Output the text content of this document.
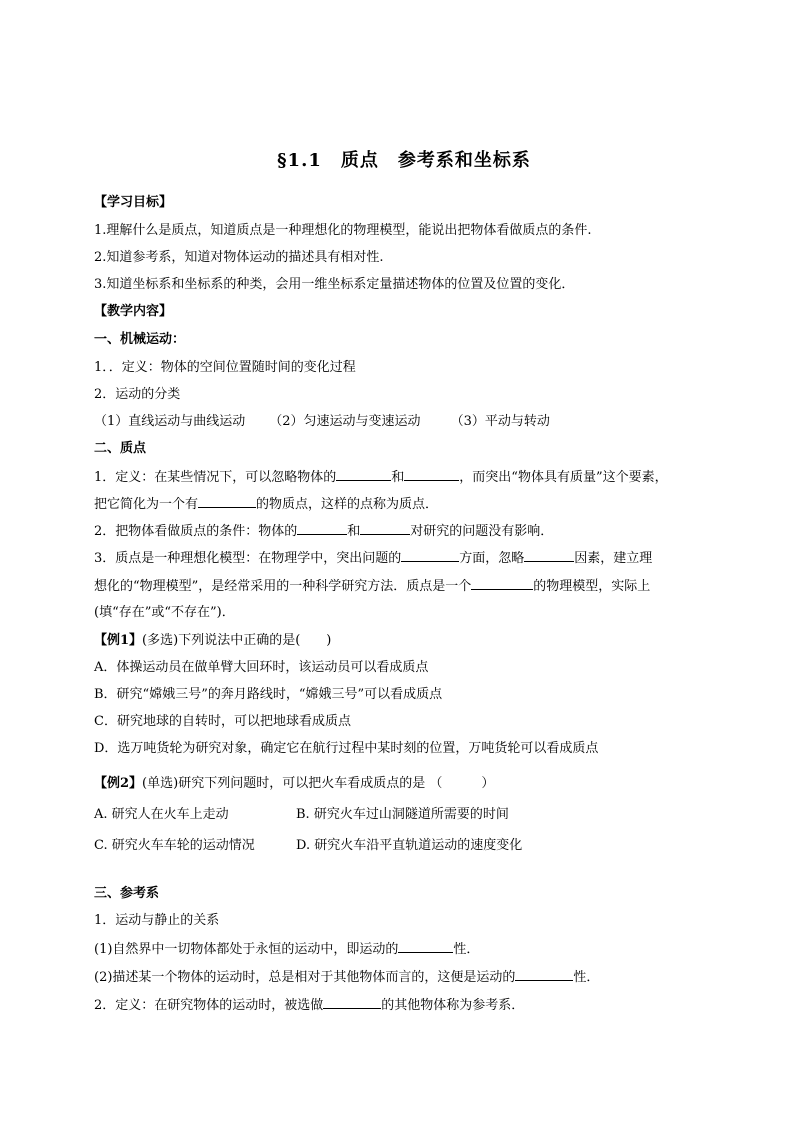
§1.1　质点　参考系和坐标系
【学习目标】
1.理解什么是质点，知道质点是一种理想化的物理模型，能说出把物体看做质点的条件.
2.知道参考系，知道对物体运动的描述具有相对性.
3.知道坐标系和坐标系的种类，会用一维坐标系定量描述物体的位置及位置的变化．
【教学内容】
一、机械运动：
1．．定义：物体的空间位置随时间的变化过程
2．运动的分类
（1）直线运动与曲线运动 （2）匀速运动与变速运动 （3）平动与转动
二、质点
1．定义：在某些情况下，可以忽略物体的	和	，而突出“物体具有质量”这个要素，
把它简化为一个有	的物质点，这样的点称为质点．
2．把物体看做质点的条件：物体的	和	对研究的问题没有影响．
3．质点是一种理想化模型：在物理学中，突出问题的	方面，忽略	因素，建立理
想化的“物理模型”，是经常采用的一种科学研究方法．质点是一个	的物理模型，实际上
(填“存在”或“不存在”)．
【例1】(多选)下列说法中正确的是(　　)
A．体操运动员在做单臂大回环时，该运动员可以看成质点
B．研究“嫦娥三号”的奔月路线时，“嫦娥三号”可以看成质点
C．研究地球的自转时，可以把地球看成质点
D．选万吨货轮为研究对象，确定它在航行过程中某时刻的位置，万吨货轮可以看成质点
【例2】(单选)研究下列问题时，可以把火车看成质点的是 （　　　）
A. 研究人在火车上走动	B. 研究火车过山洞隧道所需要的时间
C. 研究火车车轮的运动情况	D. 研究火车沿平直轨道运动的速度变化
三、参考系
1．运动与静止的关系
(1)自然界中一切物体都处于永恒的运动中，即运动的	性．
(2)描述某一个物体的运动时，总是相对于其他物体而言的，这便是运动的	性．
2．定义：在研究物体的运动时，被选做	的其他物体称为参考系．
